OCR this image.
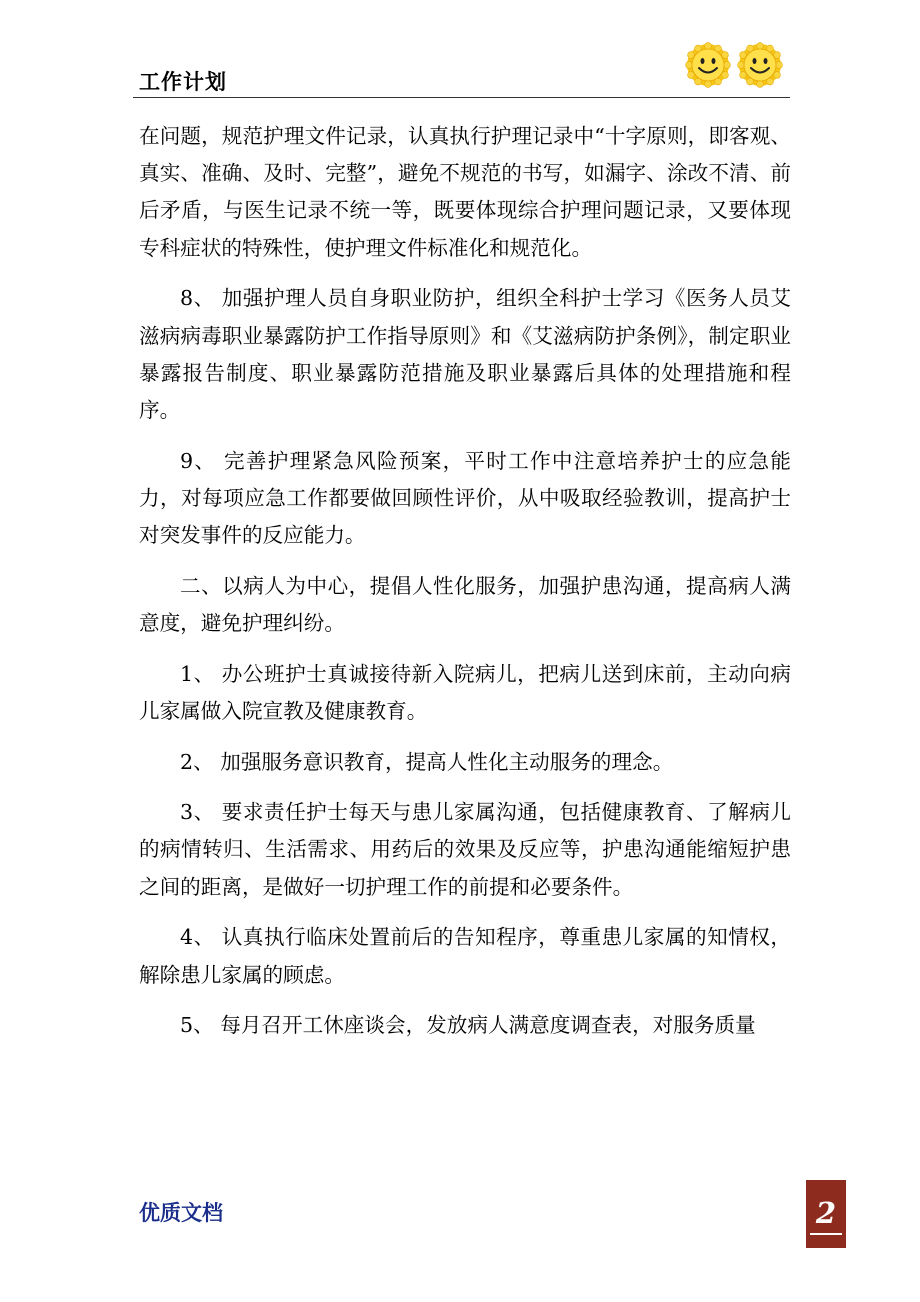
工作计划

在问题，规范护理文件记录，认真执行护理记录中“十字原则，即客观、真实、准确、及时、完整”，避免不规范的书写，如漏字、涂改不清、前后矛盾，与医生记录不统一等，既要体现综合护理问题记录，又要体现专科症状的特殊性，使护理文件标准化和规范化。

8、 加强护理人员自身职业防护，组织全科护士学习《医务人员艾滋病病毒职业暴露防护工作指导原则》和《艾滋病防护条例》，制定职业暴露报告制度、职业暴露防范措施及职业暴露后具体的处理措施和程序。

9、 完善护理紧急风险预案，平时工作中注意培养护士的应急能力，对每项应急工作都要做回顾性评价，从中吸取经验教训，提高护士对突发事件的反应能力。

二、以病人为中心，提倡人性化服务，加强护患沟通，提高病人满意度，避免护理纠纷。

1、 办公班护士真诚接待新入院病儿，把病儿送到床前，主动向病儿家属做入院宣教及健康教育。

2、 加强服务意识教育，提高人性化主动服务的理念。

3、 要求责任护士每天与患儿家属沟通，包括健康教育、了解病儿的病情转归、生活需求、用药后的效果及反应等，护患沟通能缩短护患之间的距离，是做好一切护理工作的前提和必要条件。

4、 认真执行临床处置前后的告知程序，尊重患儿家属的知情权，解除患儿家属的顾虑。

5、 每月召开工休座谈会，发放病人满意度调查表，对服务质量

优质文档	2
